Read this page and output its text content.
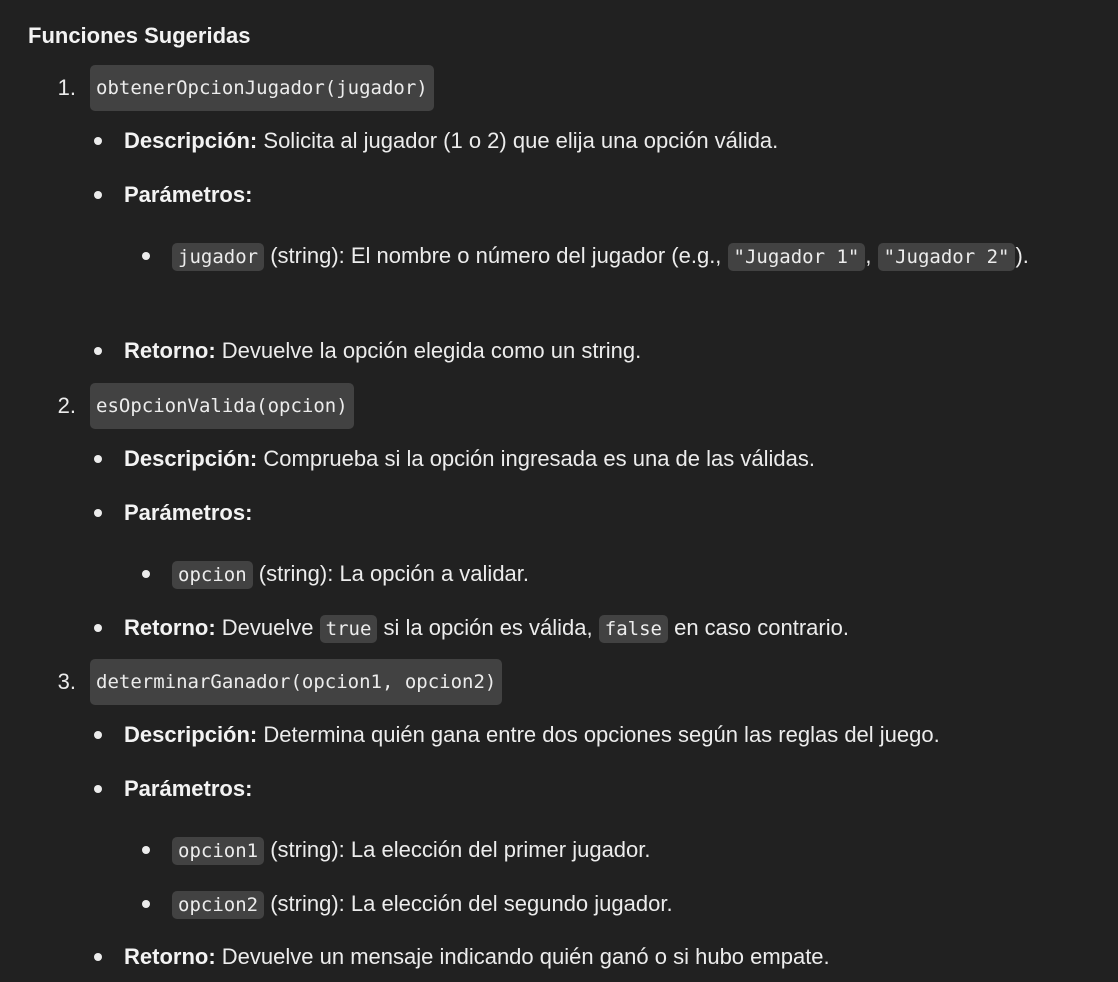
Funciones Sugeridas
1.	obtenerOpcionJugador(jugador)
Descripción: Solicita al jugador (1 o 2) que elija una opción válida.
Parámetros:
jugador (string): El nombre o número del jugador (e.g., "Jugador 1" , "Jugador 2" ).
Retorno: Devuelve la opción elegida como un string.
2.	esOpcionValida(opcion)
Descripción: Comprueba si la opción ingresada es una de las válidas.
Parámetros:
opcion (string): La opción a validar.
Retorno: Devuelve true si la opción es válida, false en caso contrario.
3.	determinarGanador(opcion1, opcion2)
Descripción: Determina quién gana entre dos opciones según las reglas del juego.
Parámetros:
opcion1 (string): La elección del primer jugador.
opcion2 (string): La elección del segundo jugador.
Retorno: Devuelve un mensaje indicando quién ganó o si hubo empate.
